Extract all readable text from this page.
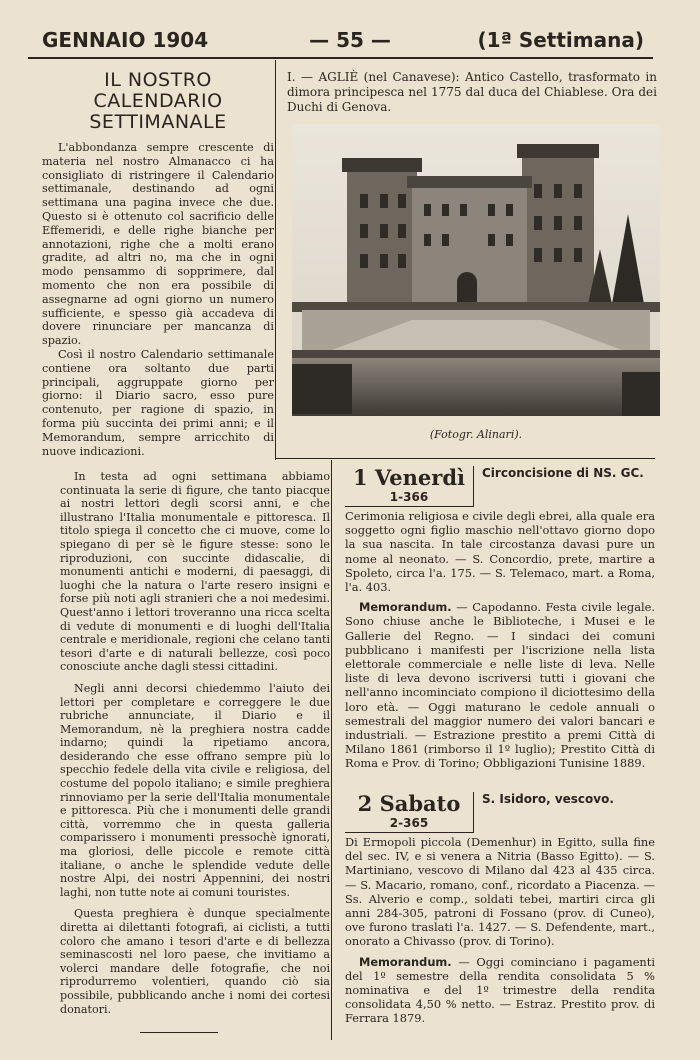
GENNAIO 1904	— 55 —	(1ª Settimana)
IL NOSTRO CALENDARIO SETTIMANALE

L'abbondanza sempre crescente di materia nel nostro Almanacco ci ha consigliato di ristringere il Calendario settimanale, destinando ad ogni settimana una pagina invece che due. Questo si è ottenuto col sacrificio delle Effemeridi, e delle righe bianche per annotazioni, righe che a molti erano gradite, ad altri no, ma che in ogni modo pensammo di sopprimere, dal momento che non era possibile di assegnarne ad ogni giorno un numero sufficiente, e spesso già accadeva di dovere rinunciare per mancanza di spazio.

Così il nostro Calendario settimanale contiene ora soltanto due parti principali, aggruppate giorno per giorno: il Diario sacro, esso pure contenuto, per ragione di spazio, in forma più succinta dei primi anni; e il Memorandum, sempre arricchito di nuove indicazioni.

I. — AGLIÈ (nel Canavese): Antico Castello, trasformato in dimora principesca nel 1775 dal duca del Chiablese. Ora dei Duchi di Genova.
(Fotogr. Alinari).

In testa ad ogni settimana abbiamo continuata la serie di figure, che tanto piacque ai nostri lettori degli scorsi anni, e che illustrano l'Italia monumentale e pittoresca. Il titolo spiega il concetto che ci muove, come lo spiegano di per sè le figure stesse: sono le riproduzioni, con succinte didascalie, di monumenti antichi e moderni, di paesaggi, di luoghi che la natura o l'arte resero insigni e forse più noti agli stranieri che a noi medesimi. Quest'anno i lettori troveranno una ricca scelta di vedute di monumenti e di luoghi dell'Italia centrale e meridionale, regioni che celano tanti tesori d'arte e di naturali bellezze, così poco conosciute anche dagli stessi cittadini.

Negli anni decorsi chiedemmo l'aiuto dei lettori per completare e correggere le due rubriche annunciate, il Diario e il Memorandum, nè la preghiera nostra cadde indarno; quindi la ripetiamo ancora, desiderando che esse offrano sempre più lo specchio fedele della vita civile e religiosa, del costume del popolo italiano; e simile preghiera rinnoviamo per la serie dell'Italia monumentale e pittoresca. Più che i monumenti delle grandi città, vorremmo che in questa galleria comparissero i monumenti pressochè ignorati, ma gloriosi, delle piccole e remote città italiane, o anche le splendide vedute delle nostre Alpi, dei nostri Appennini, dei nostri laghi, non tutte note ai comuni touristes.

Questa preghiera è dunque specialmente diretta ai dilettanti fotografi, ai ciclisti, a tutti coloro che amano i tesori d'arte e di bellezza seminascosti nel loro paese, che invitiamo a volerci mandare delle fotografie, che noi riprodurremo volentieri, quando ciò sia possibile, pubblicando anche i nomi dei cortesi donatori.

1 Venerdì
1-366
Circoncisione di NS. GC.
Cerimonia religiosa e civile degli ebrei, alla quale era soggetto ogni figlio maschio nell'ottavo giorno dopo la sua nascita. In tale circostanza davasi pure un nome al neonato. — S. Concordio, prete, martire a Spoleto, circa l'a. 175. — S. Telemaco, mart. a Roma, l'a. 403.

Memorandum. — Capodanno. Festa civile legale. Sono chiuse anche le Biblioteche, i Musei e le Gallerie del Regno. — I sindaci dei comuni pubblicano i manifesti per l'iscrizione nella lista elettorale commerciale e nelle liste di leva. Nelle liste di leva devono iscriversi tutti i giovani che nell'anno incominciato compiono il diciottesimo della loro età. — Oggi maturano le cedole annuali o semestrali del maggior numero dei valori bancari e industriali. — Estrazione prestito a premi Città di Milano 1861 (rimborso il 1º luglio); Prestito Città di Roma e Prov. di Torino; Obbligazioni Tunisine 1889.

2 Sabato
2-365
S. Isidoro, vescovo.
Di Ermopoli piccola (Demenhur) in Egitto, sulla fine del sec. IV, e si venera a Nitria (Basso Egitto). — S. Martiniano, vescovo di Milano dal 423 al 435 circa. — S. Macario, romano, conf., ricordato a Piacenza. — Ss. Alverio e comp., soldati tebei, martiri circa gli anni 284-305, patroni di Fossano (prov. di Cuneo), ove furono traslati l'a. 1427. — S. Defendente, mart., onorato a Chivasso (prov. di Torino).

Memorandum. — Oggi cominciano i pagamenti del 1º semestre della rendita consolidata 5 % nominativa e del 1º trimestre della rendita consolidata 4,50 % netto. — Estraz. Prestito prov. di Ferrara 1879.
